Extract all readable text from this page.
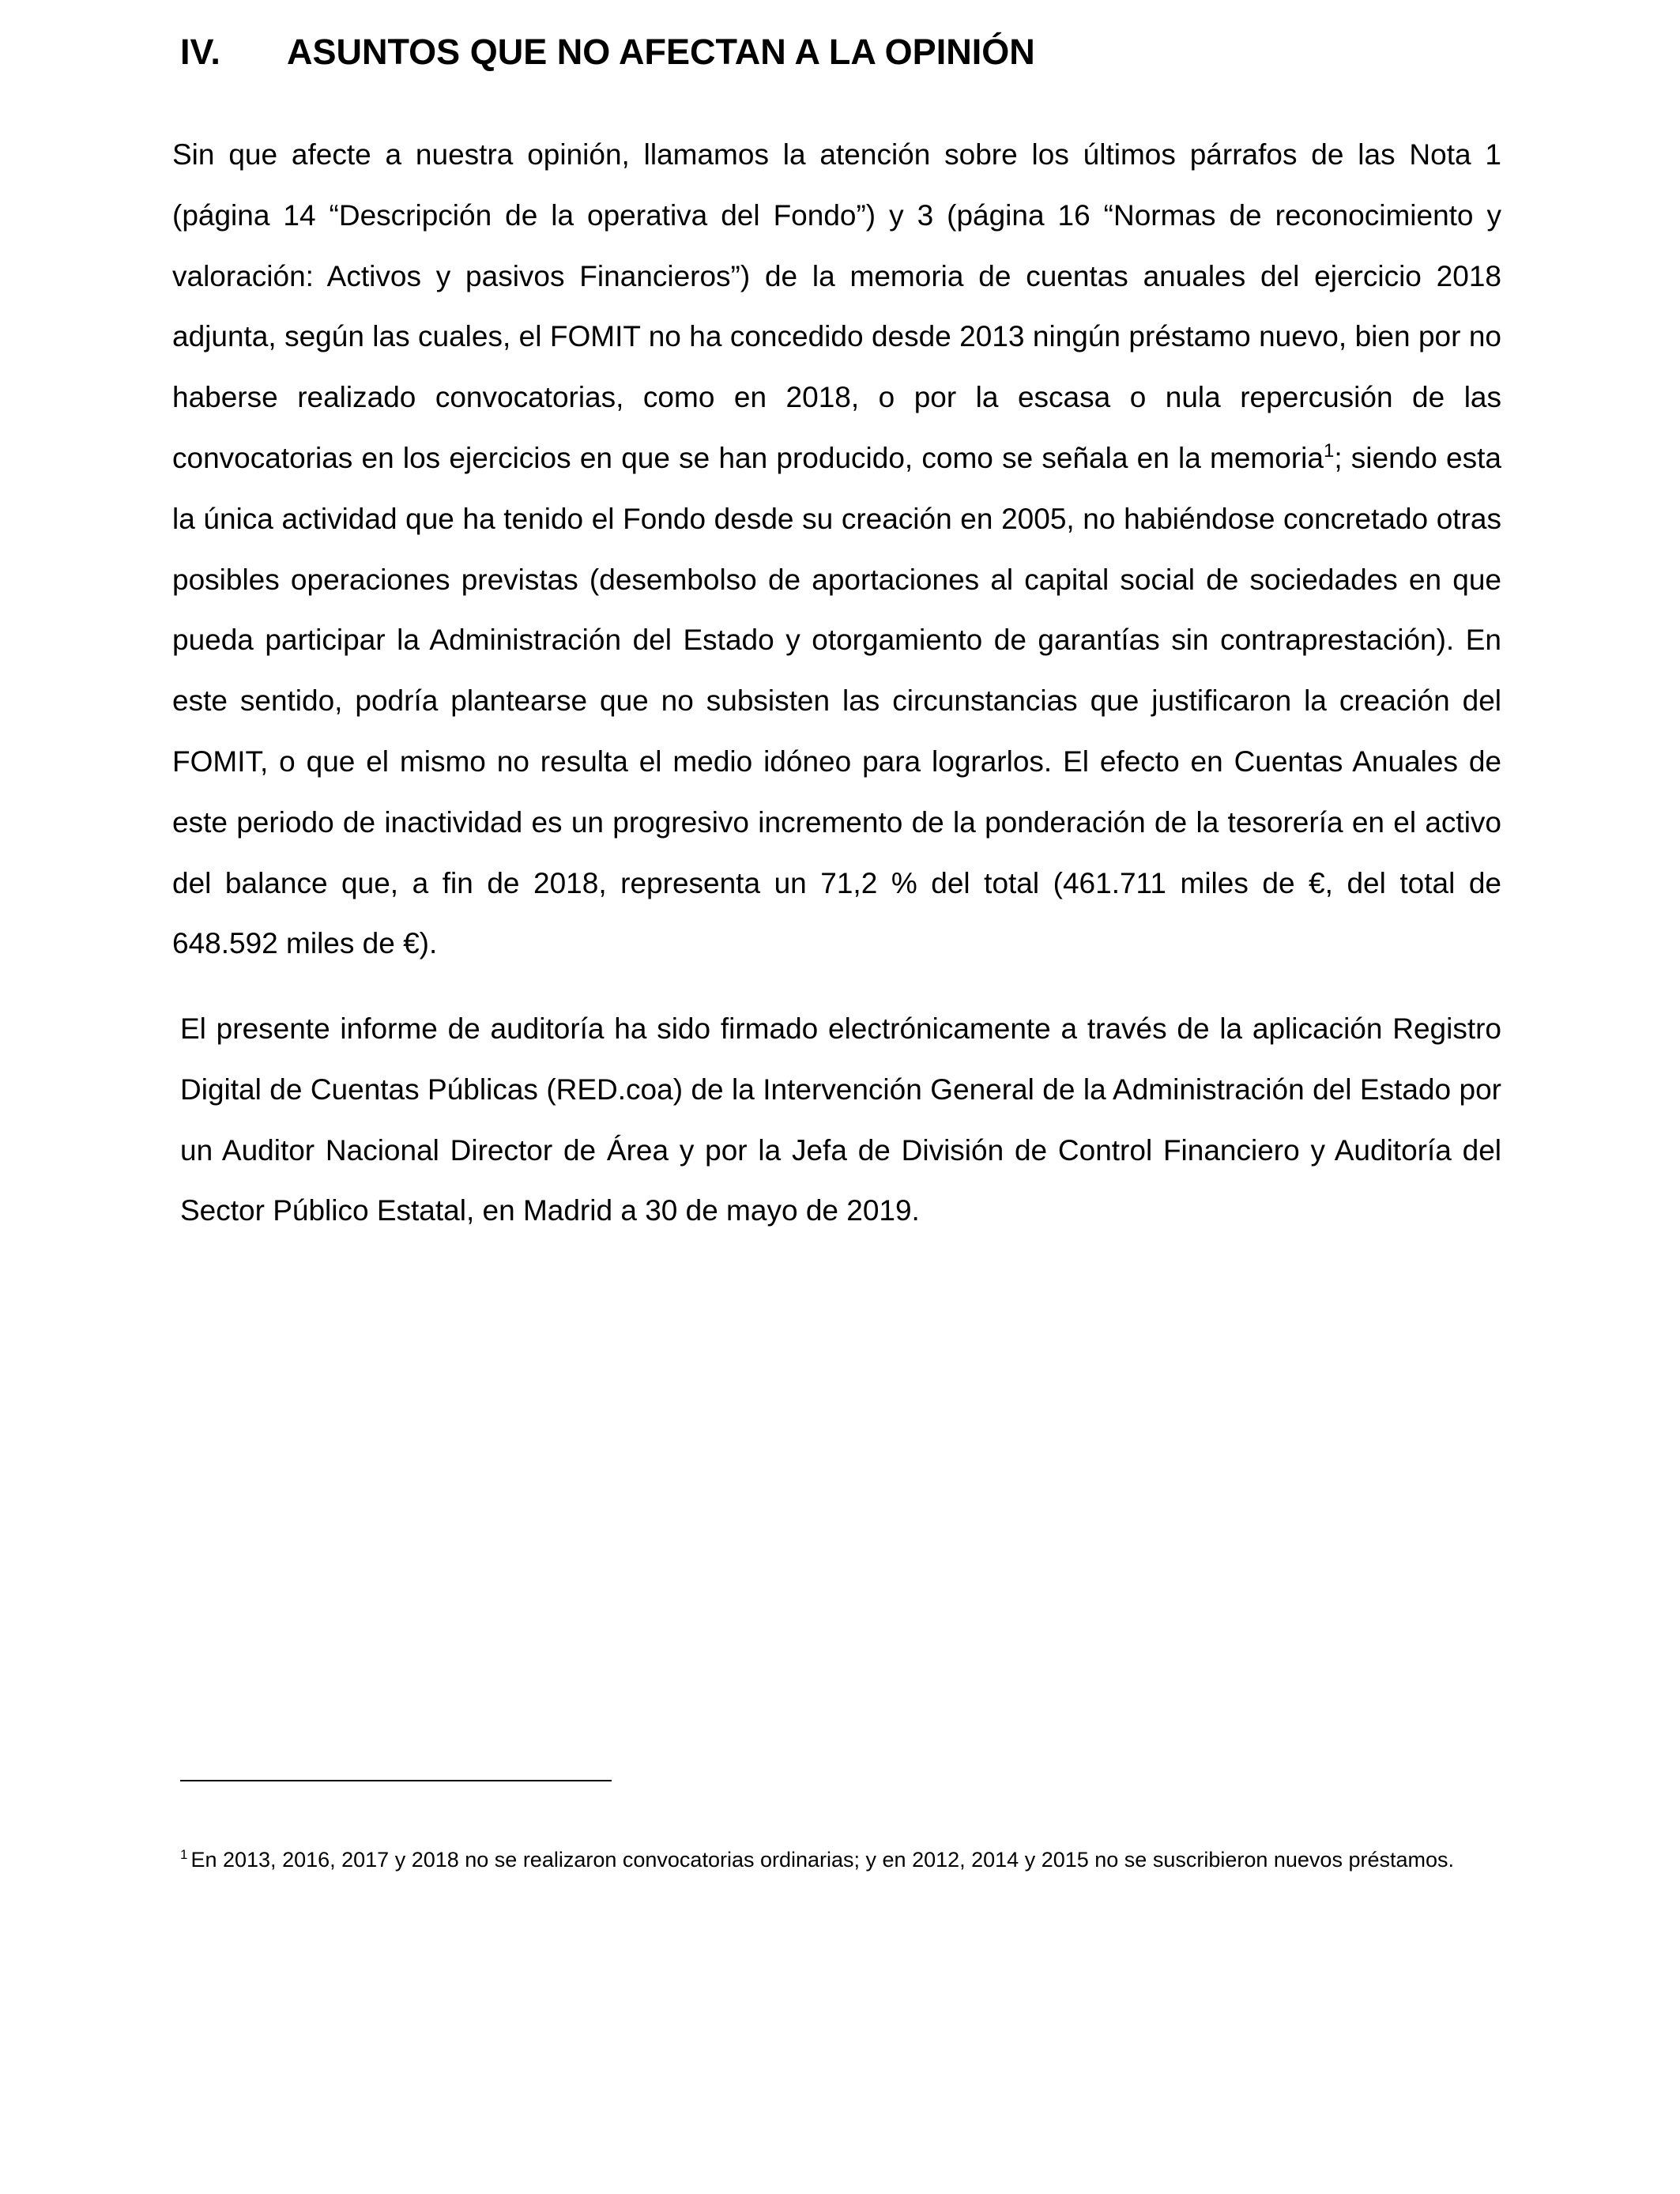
IV. ASUNTOS QUE NO AFECTAN A LA OPINIÓN

Sin que afecte a nuestra opinión, llamamos la atención sobre los últimos párrafos de las Nota 1 (página 14 “Descripción de la operativa del Fondo”) y 3 (página 16 “Normas de reconocimiento y valoración: Activos y pasivos Financieros”) de la memoria de cuentas anuales del ejercicio 2018 adjunta, según las cuales, el FOMIT no ha concedido desde 2013 ningún préstamo nuevo, bien por no haberse realizado convocatorias, como en 2018, o por la escasa o nula repercusión de las convocatorias en los ejercicios en que se han producido, como se señala en la memoria$^1$; siendo esta la única actividad que ha tenido el Fondo desde su creación en 2005, no habiéndose concretado otras posibles operaciones previstas (desembolso de aportaciones al capital social de sociedades en que pueda participar la Administración del Estado y otorgamiento de garantías sin contraprestación). En este sentido, podría plantearse que no subsisten las circunstancias que justificaron la creación del FOMIT, o que el mismo no resulta el medio idóneo para lograrlos. El efecto en Cuentas Anuales de este periodo de inactividad es un progresivo incremento de la ponderación de la tesorería en el activo del balance que, a fin de 2018, representa un 71,2 % del total (461.711 miles de €, del total de 648.592 miles de €).

El presente informe de auditoría ha sido firmado electrónicamente a través de la aplicación Registro Digital de Cuentas Públicas (RED.coa) de la Intervención General de la Administración del Estado por un Auditor Nacional Director de Área y por la Jefa de División de Control Financiero y Auditoría del Sector Público Estatal, en Madrid a 30 de mayo de 2019.

$^1$ En 2013, 2016, 2017 y 2018 no se realizaron convocatorias ordinarias; y en 2012, 2014 y 2015 no se suscribieron nuevos préstamos.
